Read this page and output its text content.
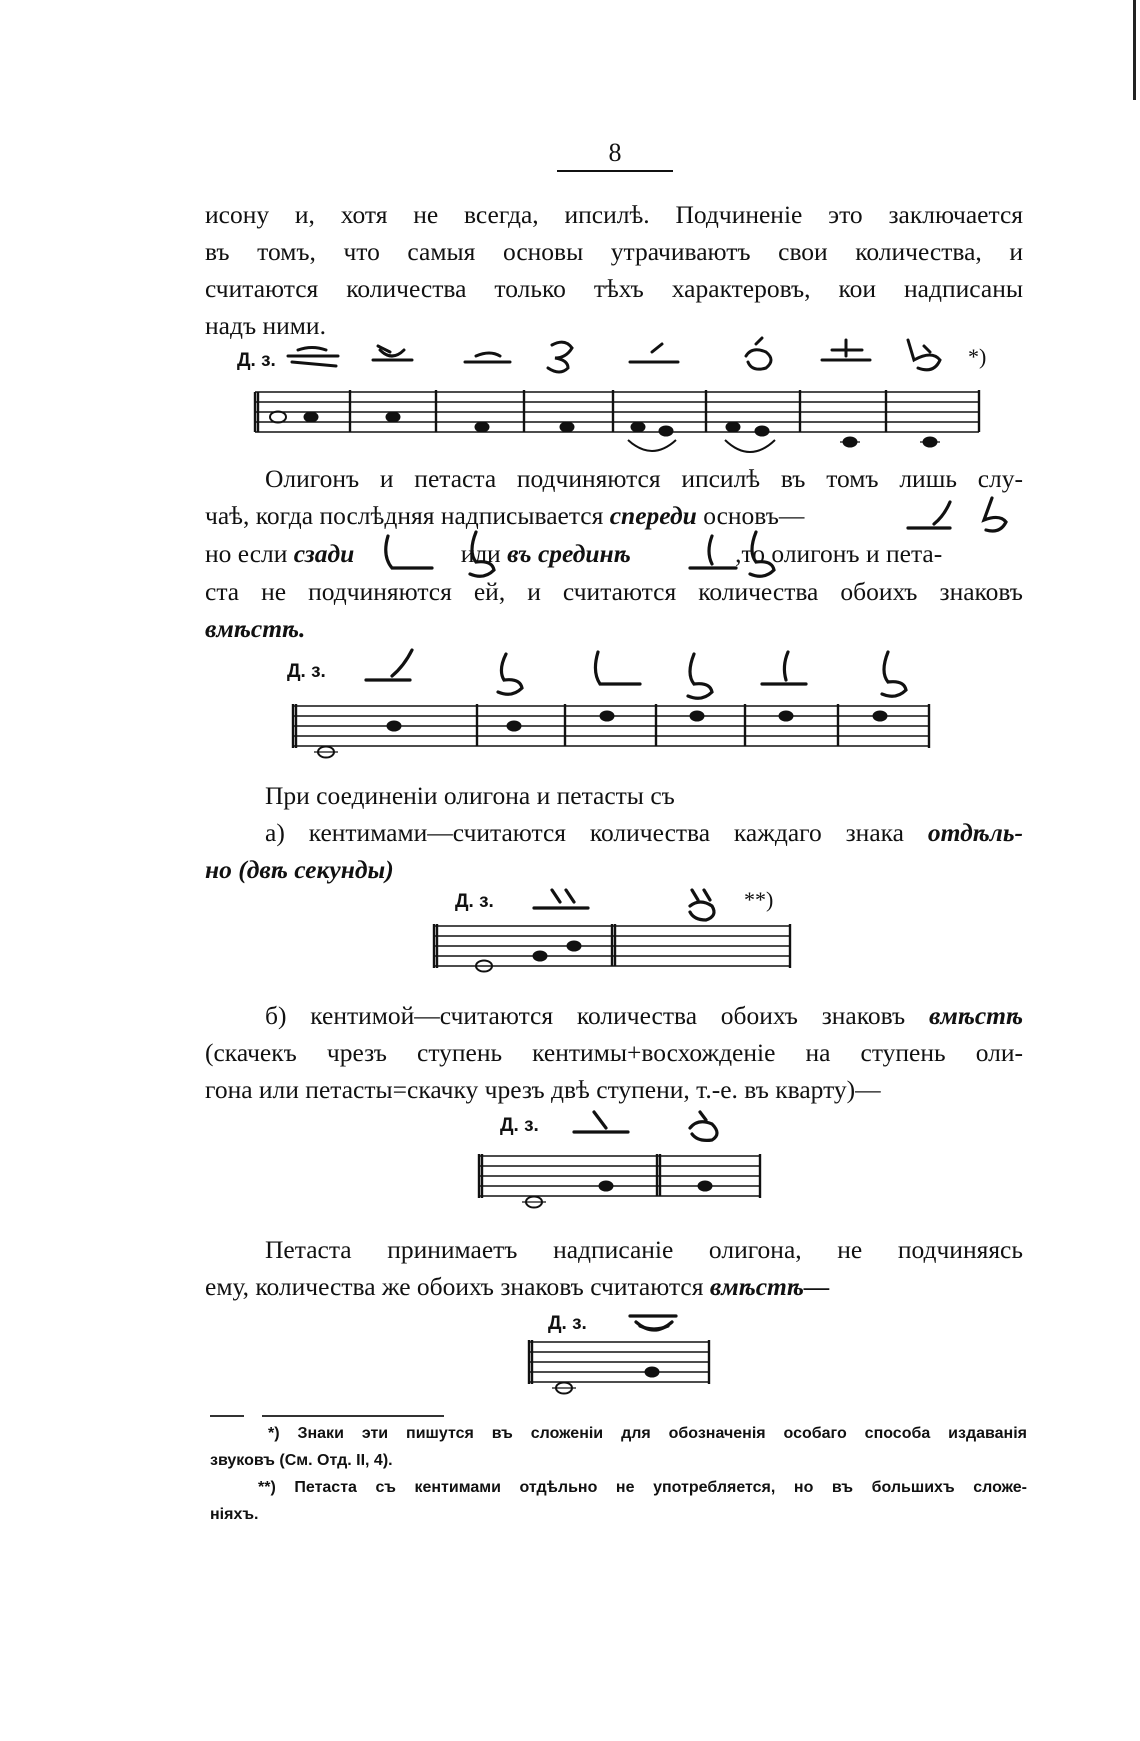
8

исону и, хотя не всегда, ипсилѣ. Подчиненіе это заключается

въ томъ, что самыя основы утрачиваютъ свои количества, и

считаются количества только тѣхъ характеровъ, кои надписаны

надъ ними.

Д. з.	*)

Олигонъ и петаста подчиняются ипсилѣ въ томъ лишь слу-

чаѣ, когда послѣдняя надписывается спереди основъ—
но если сзади	или въ срединѣ	,то олигонъ и пета-

ста не подчиняются ей, и считаются количества обоихъ знаковъ

вмѣстѣ.
Д. з.

При соединеніи олигона и петасты съ

а) кентимами—считаются количества каждаго знака отдѣль-
но (двѣ секунды)
Д. з.	**)
б) кентимой—считаются количества обоихъ знаковъ вмѣстѣ

(скачекъ чрезъ ступень кентимы+восхожденіе на ступень оли-

гона или петасты=скачку чрезъ двѣ ступени, т.-е. въ кварту)—

Д. з.

Петаста принимаетъ надписаніе олигона, не подчиняясь

ему, количества же обоихъ знаковъ считаются вмѣстѣ—
Д. з.

*) Знаки эти пишутся въ сложеніи для обозначенія особаго способа издаванія

звуковъ (См. Отд. II, 4).

**) Петаста съ кентимами отдѣльно не употребляется, но въ большихъ сложе-

ніяхъ.
